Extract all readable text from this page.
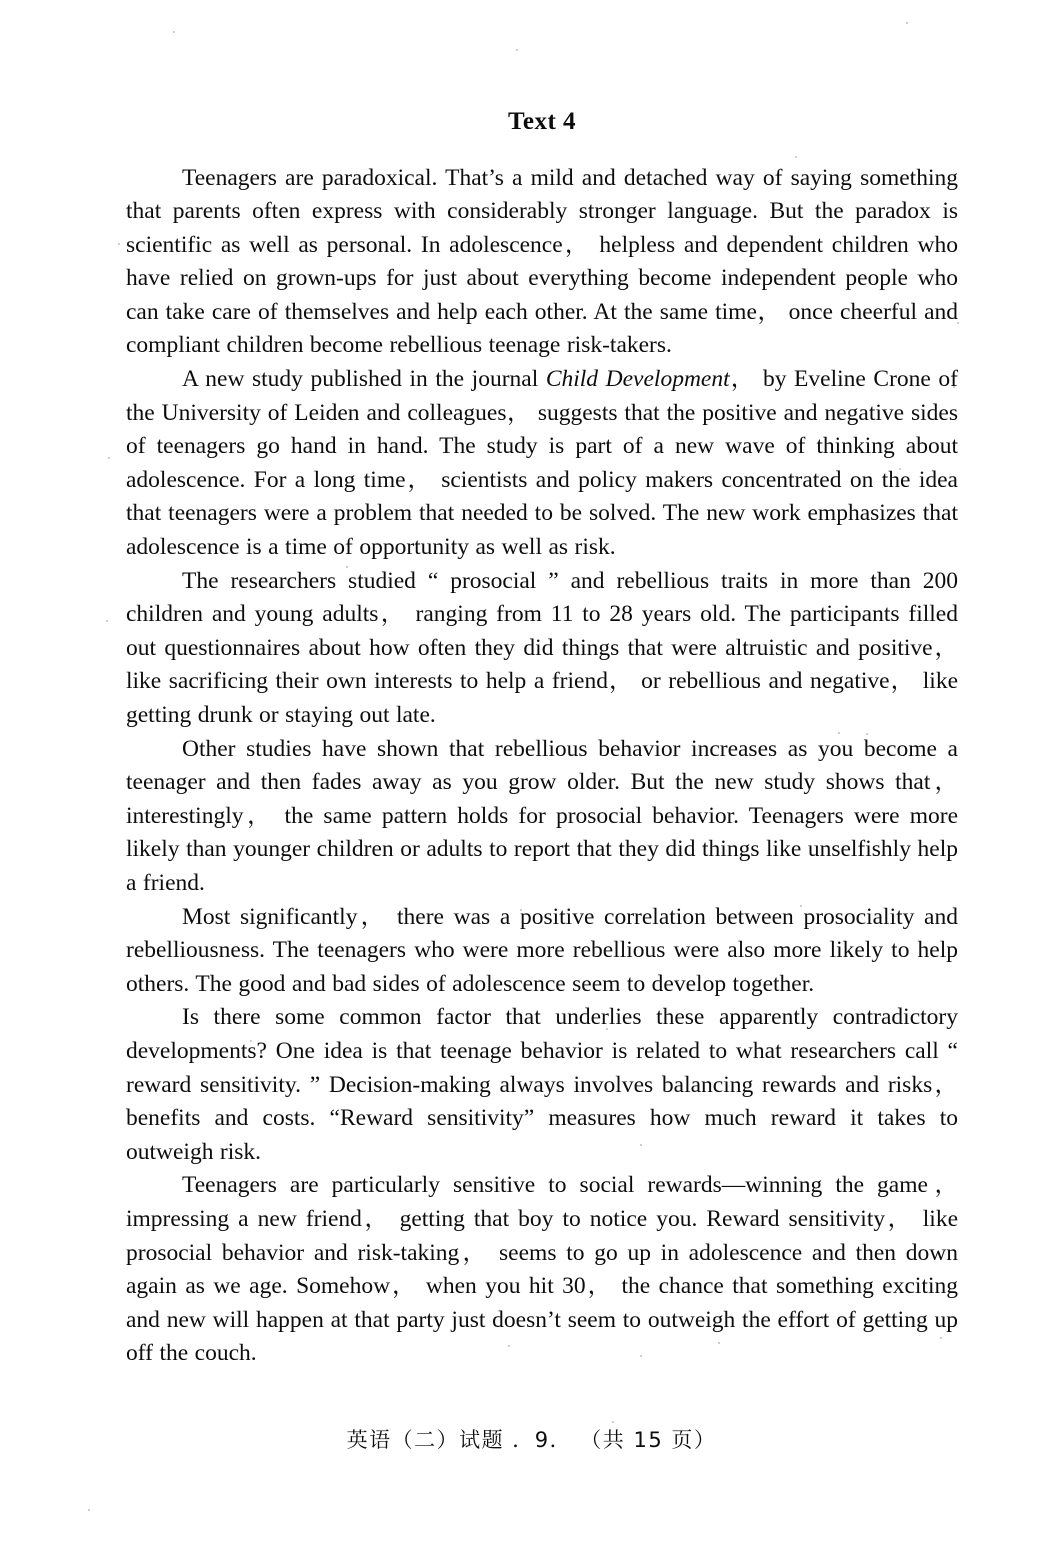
Text 4

Teenagers are paradoxical. That’s a mild and detached way of saying something that parents often express with considerably stronger language. But the paradox is scientific as well as personal. In adolescence， helpless and dependent children who have relied on grown-ups for just about everything become independent people who can take care of themselves and help each other. At the same time， once cheerful and compliant children become rebellious teenage risk-takers.

A new study published in the journal Child Development， by Eveline Crone of the University of Leiden and colleagues， suggests that the positive and negative sides of teenagers go hand in hand. The study is part of a new wave of thinking about adolescence. For a long time， scientists and policy makers concentrated on the idea that teenagers were a problem that needed to be solved. The new work emphasizes that adolescence is a time of opportunity as well as risk.

The researchers studied “ prosocial ” and rebellious traits in more than 200 children and young adults， ranging from 11 to 28 years old. The participants filled out questionnaires about how often they did things that were altruistic and positive， like sacrificing their own interests to help a friend， or rebellious and negative， like getting drunk or staying out late.

Other studies have shown that rebellious behavior increases as you become a teenager and then fades away as you grow older. But the new study shows that， interestingly， the same pattern holds for prosocial behavior. Teenagers were more likely than younger children or adults to report that they did things like unselfishly help a friend.

Most significantly， there was a positive correlation between prosociality and rebelliousness. The teenagers who were more rebellious were also more likely to help others. The good and bad sides of adolescence seem to develop together.

Is there some common factor that underlies these apparently contradictory developments? One idea is that teenage behavior is related to what researchers call “ reward sensitivity. ” Decision-making always involves balancing rewards and risks， benefits and costs. “Reward sensitivity” measures how much reward it takes to outweigh risk.

Teenagers are particularly sensitive to social rewards—winning the game， impressing a new friend， getting that boy to notice you. Reward sensitivity， like prosocial behavior and risk-taking， seems to go up in adolescence and then down again as we age. Somehow， when you hit 30， the chance that something exciting and new will happen at that party just doesn’t seem to outweigh the effort of getting up off the couch.

英语（二）试题 ．9． （共 15 页）
